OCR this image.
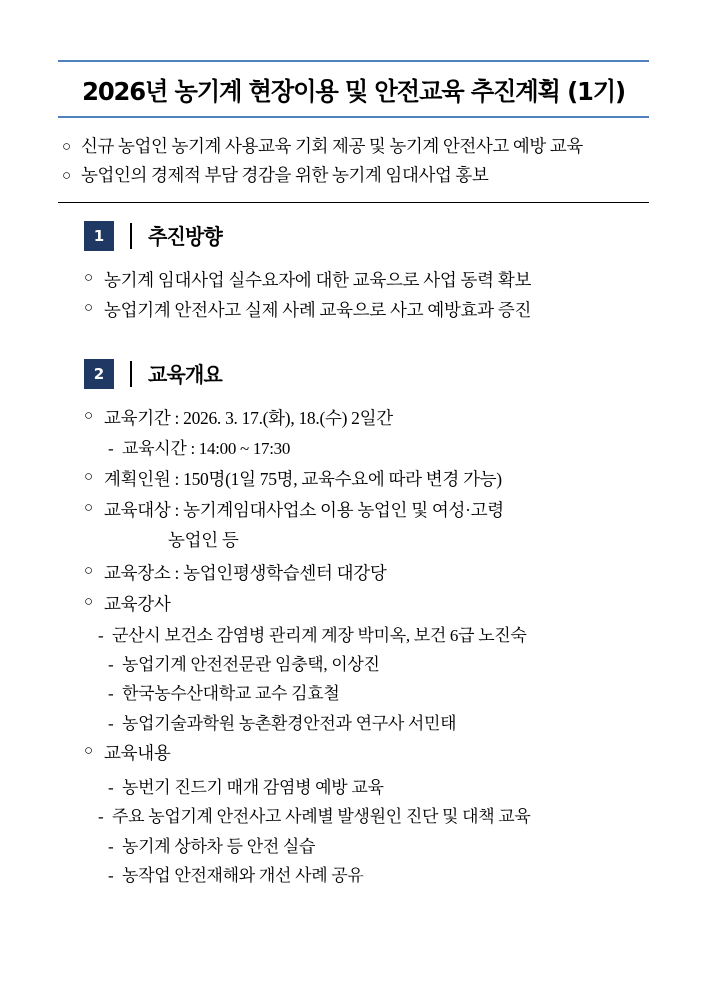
2026년 농기계 현장이용 및 안전교육 추진계획 (1기)
○ 신규 농업인 농기계 사용교육 기회 제공 및 농기계 안전사고 예방 교육
○ 농업인의 경제적 부담 경감을 위한 농기계 임대사업 홍보
1	추진방향
○ 농기계 임대사업 실수요자에 대한 교육으로 사업 동력 확보
○ 농업기계 안전사고 실제 사례 교육으로 사고 예방효과 증진
2	교육개요
○ 교육기간 : 2026. 3. 17.(화), 18.(수) 2일간
- 교육시간 : 14:00 ~ 17:30
○ 계획인원 : 150명(1일 75명, 교육수요에 따라 변경 가능)
○ 교육대상 : 농기계임대사업소 이용 농업인 및 여성·고령
농업인 등
○ 교육장소 : 농업인평생학습센터 대강당
○ 교육강사
- 군산시 보건소 감염병 관리계 계장 박미옥, 보건 6급 노진숙
- 농업기계 안전전문관 임충택, 이상진
- 한국농수산대학교 교수 김효철
- 농업기술과학원 농촌환경안전과 연구사 서민태
○ 교육내용
- 농번기 진드기 매개 감염병 예방 교육
- 주요 농업기계 안전사고 사례별 발생원인 진단 및 대책 교육
- 농기계 상하차 등 안전 실습
- 농작업 안전재해와 개선 사례 공유
